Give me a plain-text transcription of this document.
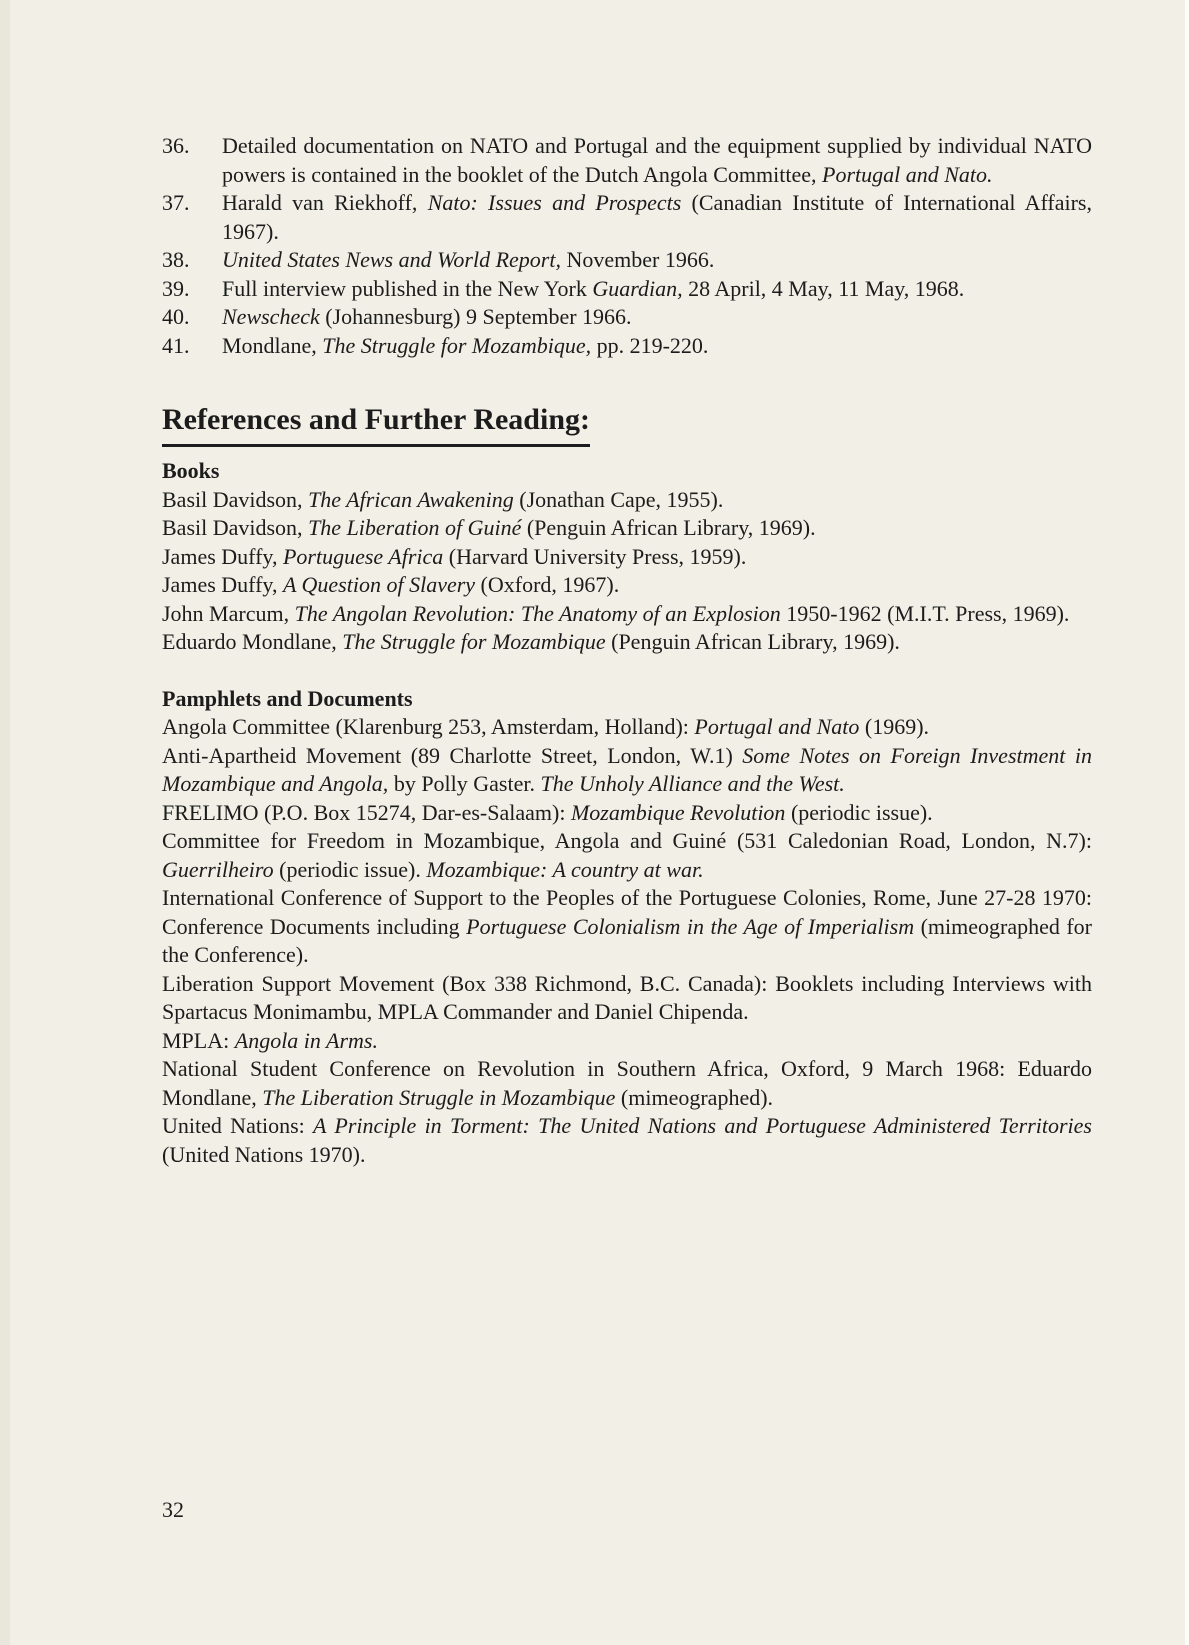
36.	Detailed documentation on NATO and Portugal and the equipment supplied by individual NATO powers is contained in the booklet of the Dutch Angola Committee, Portugal and Nato.
37.	Harald van Riekhoff, Nato: Issues and Prospects (Canadian Institute of International Affairs, 1967).
38.	United States News and World Report, November 1966.
39.	Full interview published in the New York Guardian, 28 April, 4 May, 11 May, 1968.
40.	Newscheck (Johannesburg) 9 September 1966.
41.	Mondlane, The Struggle for Mozambique, pp. 219-220.
References and Further Reading:
Books
Basil Davidson, The African Awakening (Jonathan Cape, 1955).
Basil Davidson, The Liberation of Guiné (Penguin African Library, 1969).
James Duffy, Portuguese Africa (Harvard University Press, 1959).
James Duffy, A Question of Slavery (Oxford, 1967).
John Marcum, The Angolan Revolution: The Anatomy of an Explosion 1950-1962 (M.I.T. Press, 1969).
Eduardo Mondlane, The Struggle for Mozambique (Penguin African Library, 1969).
Pamphlets and Documents
Angola Committee (Klarenburg 253, Amsterdam, Holland): Portugal and Nato (1969).
Anti-Apartheid Movement (89 Charlotte Street, London, W.1) Some Notes on Foreign Investment in Mozambique and Angola, by Polly Gaster. The Unholy Alliance and the West.
FRELIMO (P.O. Box 15274, Dar-es-Salaam): Mozambique Revolution (periodic issue).
Committee for Freedom in Mozambique, Angola and Guiné (531 Caledonian Road, London, N.7): Guerrilheiro (periodic issue). Mozambique: A country at war.
International Conference of Support to the Peoples of the Portuguese Colonies, Rome, June 27-28 1970: Conference Documents including Portuguese Colonialism in the Age of Imperialism (mimeographed for the Conference).
Liberation Support Movement (Box 338 Richmond, B.C. Canada): Booklets including Interviews with Spartacus Monimambu, MPLA Commander and Daniel Chipenda.
MPLA: Angola in Arms.
National Student Conference on Revolution in Southern Africa, Oxford, 9 March 1968: Eduardo Mondlane, The Liberation Struggle in Mozambique (mimeographed).
United Nations: A Principle in Torment: The United Nations and Portuguese Administered Territories (United Nations 1970).
32
